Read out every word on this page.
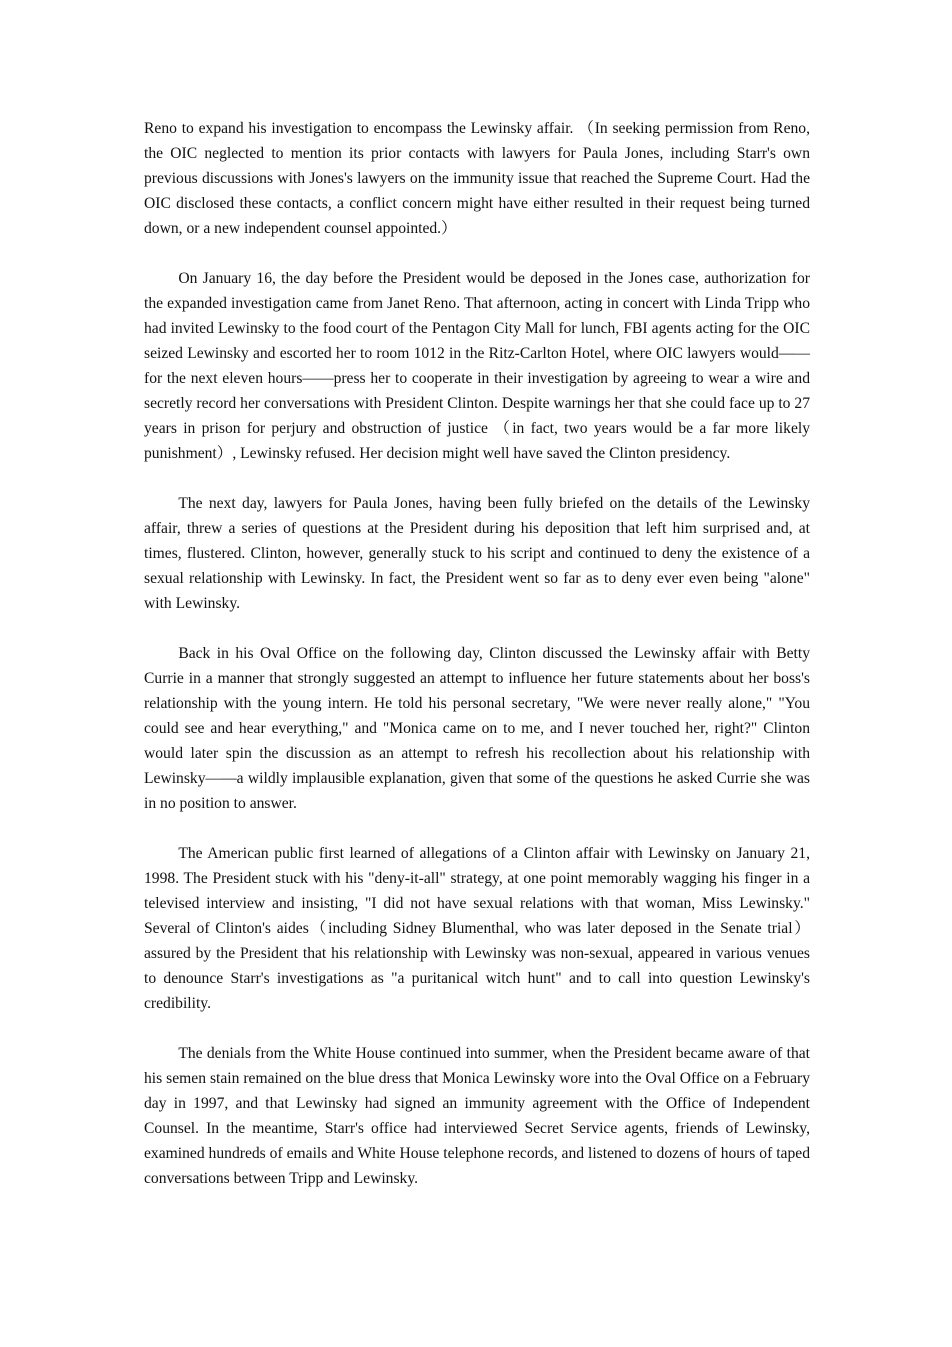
Reno to expand his investigation to encompass the Lewinsky affair. （In seeking permission from Reno, the OIC neglected to mention its prior contacts with lawyers for Paula Jones, including Starr's own previous discussions with Jones's lawyers on the immunity issue that reached the Supreme Court. Had the OIC disclosed these contacts, a conflict concern might have either resulted in their request being turned down, or a new independent counsel appointed.）

On January 16, the day before the President would be deposed in the Jones case, authorization for the expanded investigation came from Janet Reno. That afternoon, acting in concert with Linda Tripp who had invited Lewinsky to the food court of the Pentagon City Mall for lunch, FBI agents acting for the OIC seized Lewinsky and escorted her to room 1012 in the Ritz-Carlton Hotel, where OIC lawyers would——for the next eleven hours——press her to cooperate in their investigation by agreeing to wear a wire and secretly record her conversations with President Clinton. Despite warnings her that she could face up to 27 years in prison for perjury and obstruction of justice （in fact, two years would be a far more likely punishment）, Lewinsky refused. Her decision might well have saved the Clinton presidency.

The next day, lawyers for Paula Jones, having been fully briefed on the details of the Lewinsky affair, threw a series of questions at the President during his deposition that left him surprised and, at times, flustered. Clinton, however, generally stuck to his script and continued to deny the existence of a sexual relationship with Lewinsky. In fact, the President went so far as to deny ever even being "alone" with Lewinsky.

Back in his Oval Office on the following day, Clinton discussed the Lewinsky affair with Betty Currie in a manner that strongly suggested an attempt to influence her future statements about her boss's relationship with the young intern. He told his personal secretary, "We were never really alone," "You could see and hear everything," and "Monica came on to me, and I never touched her, right?" Clinton would later spin the discussion as an attempt to refresh his recollection about his relationship with Lewinsky——a wildly implausible explanation, given that some of the questions he asked Currie she was in no position to answer.

The American public first learned of allegations of a Clinton affair with Lewinsky on January 21, 1998. The President stuck with his "deny-it-all" strategy, at one point memorably wagging his finger in a televised interview and insisting, "I did not have sexual relations with that woman, Miss Lewinsky." Several of Clinton's aides（including Sidney Blumenthal, who was later deposed in the Senate trial） assured by the President that his relationship with Lewinsky was non-sexual, appeared in various venues to denounce Starr's investigations as "a puritanical witch hunt" and to call into question Lewinsky's credibility.

The denials from the White House continued into summer, when the President became aware of that his semen stain remained on the blue dress that Monica Lewinsky wore into the Oval Office on a February day in 1997, and that Lewinsky had signed an immunity agreement with the Office of Independent Counsel. In the meantime, Starr's office had interviewed Secret Service agents, friends of Lewinsky, examined hundreds of emails and White House telephone records, and listened to dozens of hours of taped conversations between Tripp and Lewinsky.
